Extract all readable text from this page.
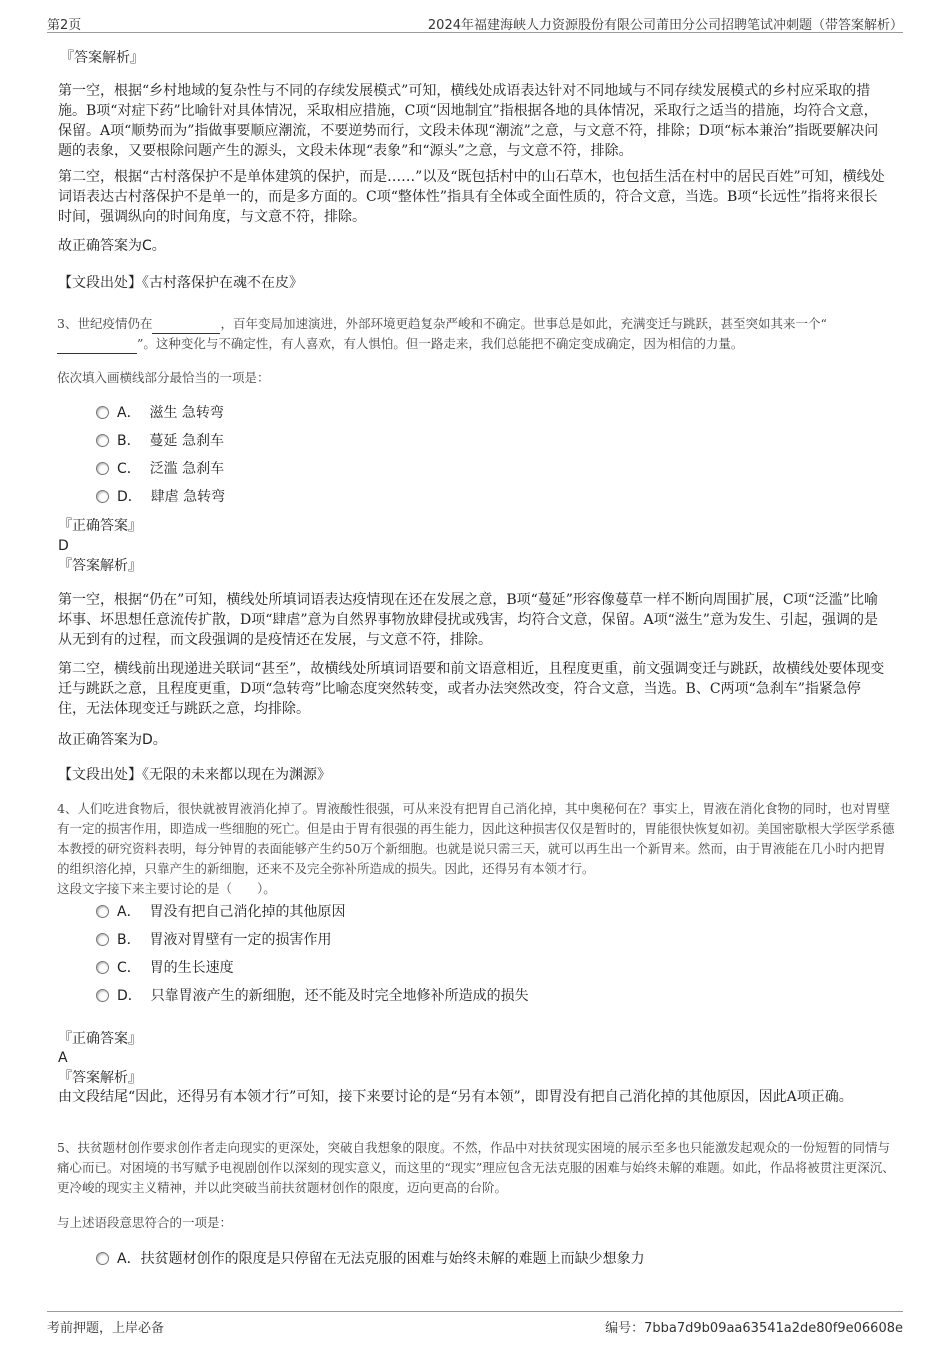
第2页	2024年福建海峡人力资源股份有限公司莆田分公司招聘笔试冲刺题（带答案解析）
『答案解析』
第一空，根据“乡村地域的复杂性与不同的存续发展模式”可知，横线处成语表达针对不同地域与不同存续发展模式的乡村应采取的措施。B项“对症下药”比喻针对具体情况，采取相应措施，C项“因地制宜”指根据各地的具体情况，采取行之适当的措施，均符合文意，保留。A项“顺势而为”指做事要顺应潮流，不要逆势而行，文段未体现“潮流”之意，与文意不符，排除；D项“标本兼治”指既要解决问题的表象，又要根除问题产生的源头，文段未体现“表象”和“源头”之意，与文意不符，排除。
第二空，根据“古村落保护不是单体建筑的保护，而是……”以及“既包括村中的山石草木，也包括生活在村中的居民百姓”可知，横线处词语表达古村落保护不是单一的，而是多方面的。C项“整体性”指具有全体或全面性质的，符合文意，当选。B项“长远性”指将来很长时间，强调纵向的时间角度，与文意不符，排除。
故正确答案为C。
【文段出处】《古村落保护在魂不在皮》
3、世纪疫情仍在	，百年变局加速演进，外部环境更趋复杂严峻和不确定。世事总是如此，充满变迁与跳跃，甚至突如其来一个“
”。这种变化与不确定性，有人喜欢，有人惧怕。但一路走来，我们总能把不确定变成确定，因为相信的力量。
依次填入画横线部分最恰当的一项是：
A． 滋生 急转弯
B． 蔓延 急刹车
C． 泛滥 急刹车
D． 肆虐 急转弯
『正确答案』
D
『答案解析』
第一空，根据“仍在”可知，横线处所填词语表达疫情现在还在发展之意，B项“蔓延”形容像蔓草一样不断向周围扩展，C项“泛滥”比喻坏事、坏思想任意流传扩散，D项“肆虐”意为自然界事物放肆侵扰或残害，均符合文意，保留。A项“滋生”意为发生、引起，强调的是从无到有的过程，而文段强调的是疫情还在发展，与文意不符，排除。
第二空，横线前出现递进关联词“甚至”，故横线处所填词语要和前文语意相近，且程度更重，前文强调变迁与跳跃，故横线处要体现变迁与跳跃之意，且程度更重，D项“急转弯”比喻态度突然转变，或者办法突然改变，符合文意，当选。B、C两项“急刹车”指紧急停住，无法体现变迁与跳跃之意，均排除。
故正确答案为D。
【文段出处】《无限的未来都以现在为渊源》
4、人们吃进食物后，很快就被胃液消化掉了。胃液酸性很强，可从来没有把胃自己消化掉，其中奥秘何在？事实上，胃液在消化食物的同时，也对胃壁有一定的损害作用，即造成一些细胞的死亡。但是由于胃有很强的再生能力，因此这种损害仅仅是暂时的，胃能很快恢复如初。美国密歇根大学医学系德本教授的研究资料表明，每分钟胃的表面能够产生约50万个新细胞。也就是说只需三天，就可以再生出一个新胃来。然而，由于胃液能在几小时内把胃的组织溶化掉，只靠产生的新细胞，还来不及完全弥补所造成的损失。因此，还得另有本领才行。
这段文字接下来主要讨论的是（　　）。
A． 胃没有把自己消化掉的其他原因
B． 胃液对胃壁有一定的损害作用
C． 胃的生长速度
D． 只靠胃液产生的新细胞，还不能及时完全地修补所造成的损失
『正确答案』
A
『答案解析』
由文段结尾“因此，还得另有本领才行”可知，接下来要讨论的是“另有本领”，即胃没有把自己消化掉的其他原因，因此A项正确。
5、扶贫题材创作要求创作者走向现实的更深处，突破自我想象的限度。不然，作品中对扶贫现实困境的展示至多也只能激发起观众的一份短暂的同情与痛心而已。对困境的书写赋予电视剧创作以深刻的现实意义，而这里的“现实”理应包含无法克服的困难与始终未解的难题。如此，作品将被贯注更深沉、更冷峻的现实主义精神，并以此突破当前扶贫题材创作的限度，迈向更高的台阶。
与上述语段意思符合的一项是：
A．扶贫题材创作的限度是只停留在无法克服的困难与始终未解的难题上而缺少想象力
考前押题，上岸必备	编号：7bba7d9b09aa63541a2de80f9e06608e
